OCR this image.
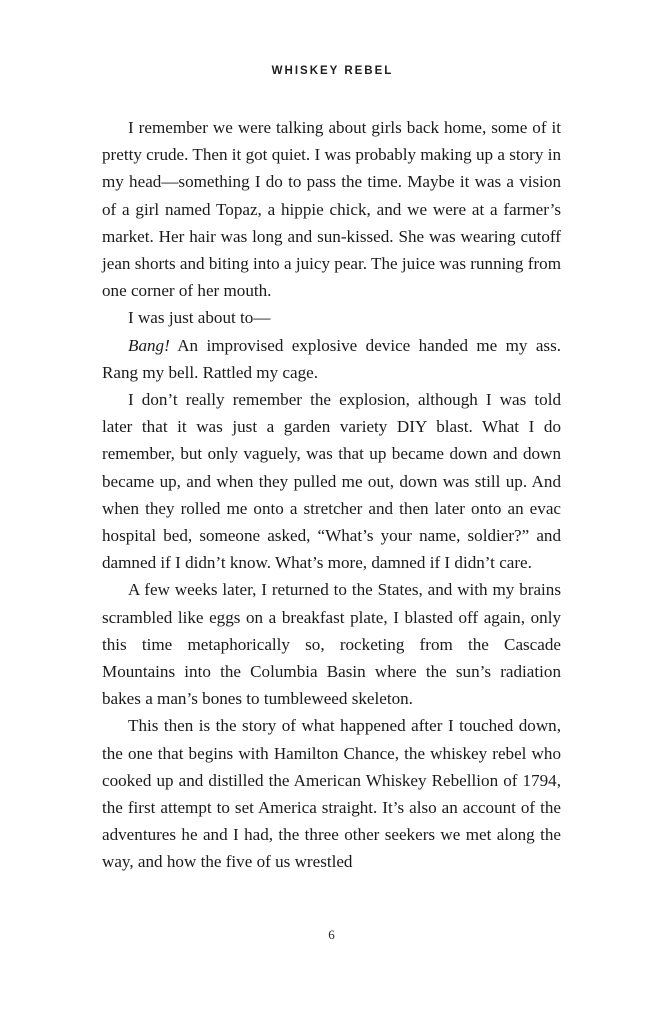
WHISKEY REBEL

I remember we were talking about girls back home, some of it pretty crude. Then it got quiet. I was probably making up a story in my head—something I do to pass the time. Maybe it was a vision of a girl named Topaz, a hippie chick, and we were at a farmer’s market. Her hair was long and sun-kissed. She was wearing cutoff jean shorts and biting into a juicy pear. The juice was running from one corner of her mouth.

I was just about to—

Bang! An improvised explosive device handed me my ass. Rang my bell. Rattled my cage.

I don’t really remember the explosion, although I was told later that it was just a garden variety DIY blast. What I do remember, but only vaguely, was that up became down and down became up, and when they pulled me out, down was still up. And when they rolled me onto a stretcher and then later onto an evac hospital bed, someone asked, “What’s your name, soldier?” and damned if I didn’t know. What’s more, damned if I didn’t care.

A few weeks later, I returned to the States, and with my brains scrambled like eggs on a breakfast plate, I blasted off again, only this time metaphorically so, rocketing from the Cascade Mountains into the Columbia Basin where the sun’s radiation bakes a man’s bones to tumbleweed skeleton.

This then is the story of what happened after I touched down, the one that begins with Hamilton Chance, the whiskey rebel who cooked up and distilled the American Whiskey Rebellion of 1794, the first attempt to set America straight. It’s also an account of the adventures he and I had, the three other seekers we met along the way, and how the five of us wrestled

6
